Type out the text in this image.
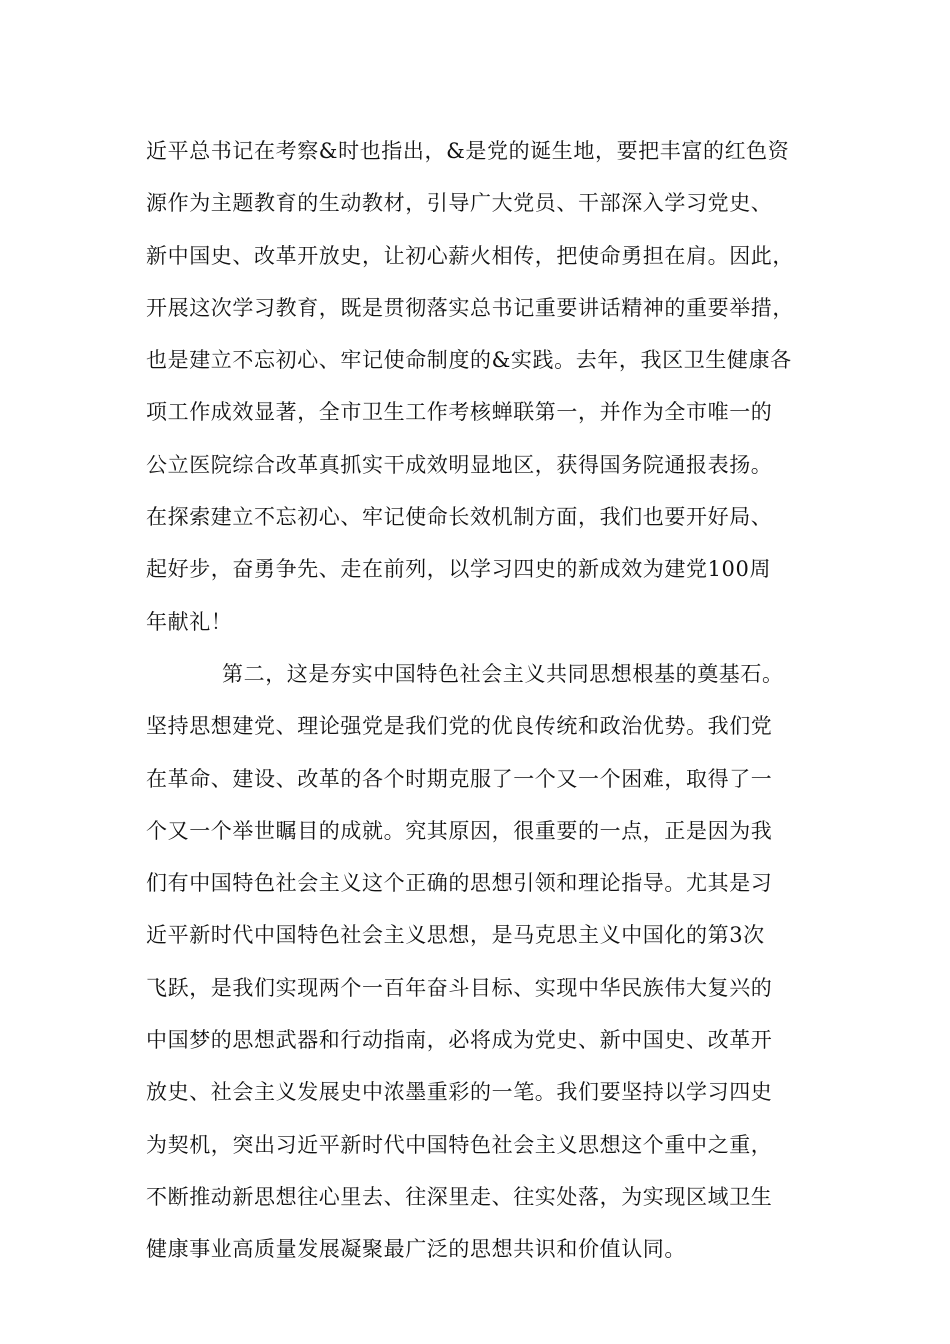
近平总书记在考察&时也指出，&是党的诞生地，要把丰富的红色资
源作为主题教育的生动教材，引导广大党员、干部深入学习党史、
新中国史、改革开放史，让初心薪火相传，把使命勇担在肩。因此，
开展这次学习教育，既是贯彻落实总书记重要讲话精神的重要举措，
也是建立不忘初心、牢记使命制度的&实践。去年，我区卫生健康各
项工作成效显著，全市卫生工作考核蝉联第一，并作为全市唯一的
公立医院综合改革真抓实干成效明显地区，获得国务院通报表扬。
在探索建立不忘初心、牢记使命长效机制方面，我们也要开好局、
起好步，奋勇争先、走在前列，以学习四史的新成效为建党100周
年献礼！
第二，这是夯实中国特色社会主义共同思想根基的奠基石。
坚持思想建党、理论强党是我们党的优良传统和政治优势。我们党
在革命、建设、改革的各个时期克服了一个又一个困难，取得了一
个又一个举世瞩目的成就。究其原因，很重要的一点，正是因为我
们有中国特色社会主义这个正确的思想引领和理论指导。尤其是习
近平新时代中国特色社会主义思想，是马克思主义中国化的第3次
飞跃，是我们实现两个一百年奋斗目标、实现中华民族伟大复兴的
中国梦的思想武器和行动指南，必将成为党史、新中国史、改革开
放史、社会主义发展史中浓墨重彩的一笔。我们要坚持以学习四史
为契机，突出习近平新时代中国特色社会主义思想这个重中之重，
不断推动新思想往心里去、往深里走、往实处落，为实现区域卫生
健康事业高质量发展凝聚最广泛的思想共识和价值认同。
